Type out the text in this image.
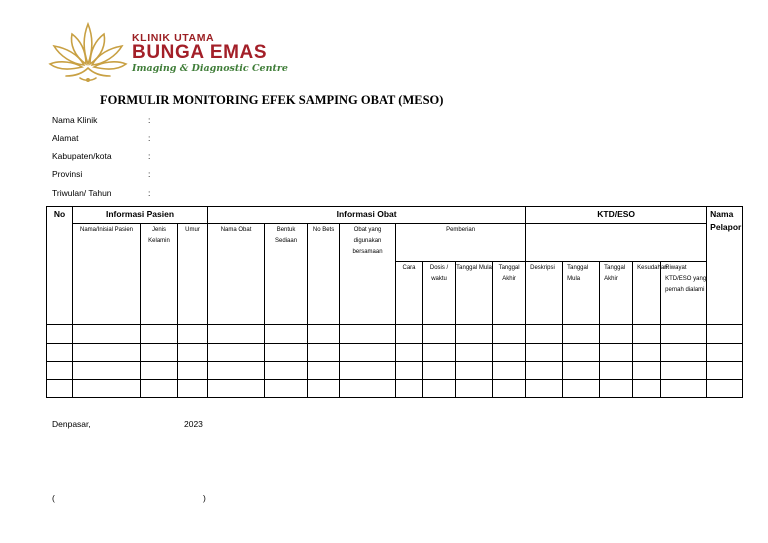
KLINIK UTAMA
BUNGA EMAS
Imaging & Diagnostic Centre
FORMULIR MONITORING EFEK SAMPING OBAT (MESO)
Nama Klinik	:
Alamat	:
Kabupaten/kota	:
Provinsi	:
Triwulan/ Tahun	:
No	Informasi Pasien			Informasi Obat								KTD/ESO					Nama Pelapor
	Nama/Inisial Pasien	Jenis Kelamin	Umur	Nama Obat	Bentuk Sediaan	No Bets	Obat yang digunakan bersamaan	Pemberian									
								Cara	Dosis / waktu	Tanggal Mula	Tanggal Akhir	Deskripsi	Tanggal Mula	Tanggal Akhir	Kesudahan	Riwayat KTD/ESO yang pernah dialami	

Denpasar,	2023
(	)
